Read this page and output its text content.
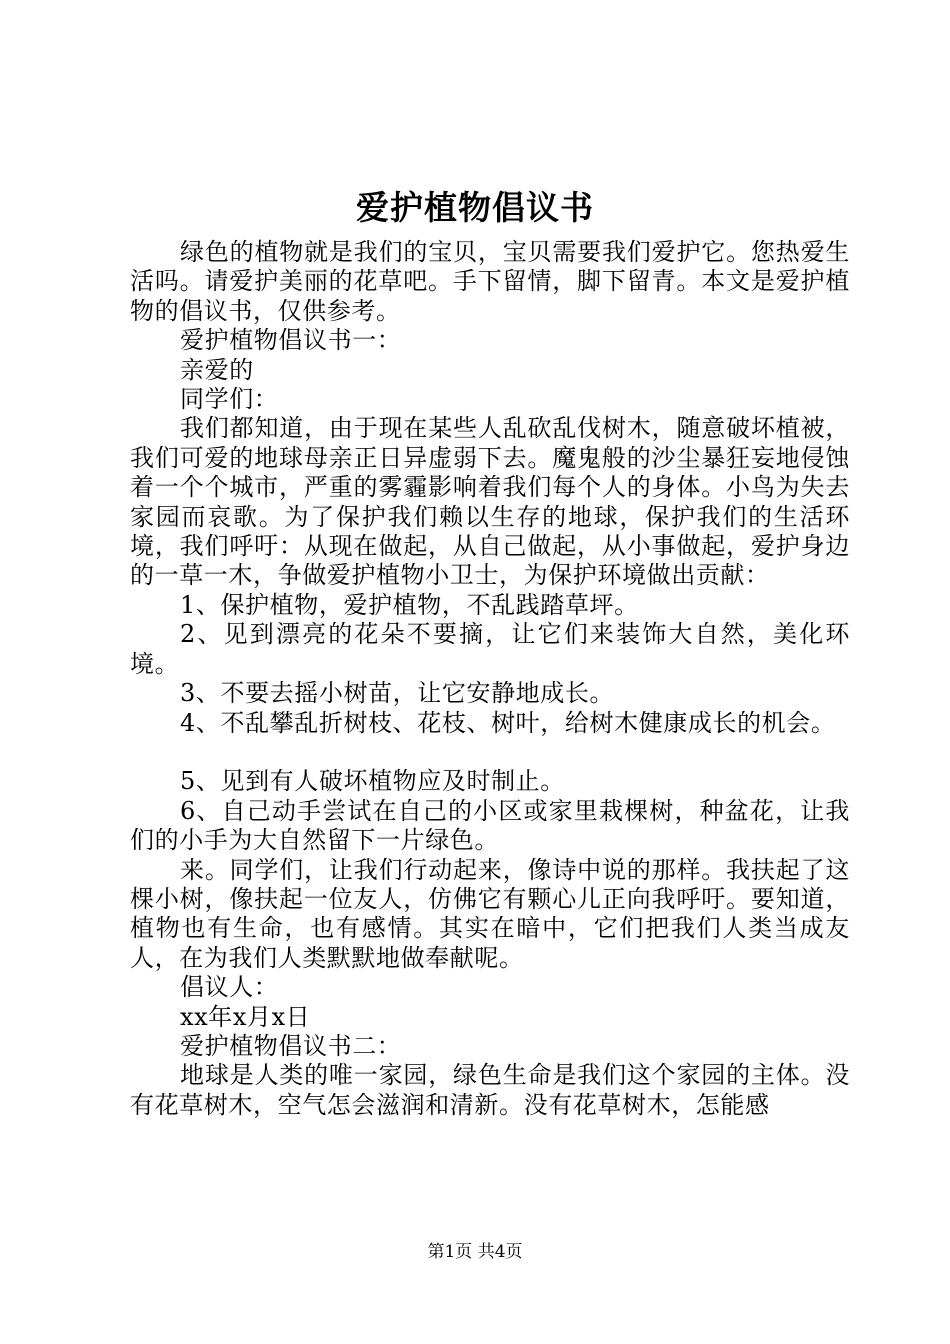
爱护植物倡议书

绿色的植物就是我们的宝贝，宝贝需要我们爱护它。您热爱生活吗。请爱护美丽的花草吧。手下留情，脚下留青。本文是爱护植物的倡议书，仅供参考。

爱护植物倡议书一：

亲爱的

同学们：

我们都知道，由于现在某些人乱砍乱伐树木，随意破坏植被，我们可爱的地球母亲正日异虚弱下去。魔鬼般的沙尘暴狂妄地侵蚀着一个个城市，严重的雾霾影响着我们每个人的身体。小鸟为失去家园而哀歌。为了保护我们赖以生存的地球，保护我们的生活环境，我们呼吁：从现在做起，从自己做起，从小事做起，爱护身边的一草一木，争做爱护植物小卫士，为保护环境做出贡献：

1、保护植物，爱护植物，不乱践踏草坪。

2、见到漂亮的花朵不要摘，让它们来装饰大自然，美化环境。

3、不要去摇小树苗，让它安静地成长。

4、不乱攀乱折树枝、花枝、树叶，给树木健康成长的机会。

5、见到有人破坏植物应及时制止。

6、自己动手尝试在自己的小区或家里栽棵树，种盆花，让我们的小手为大自然留下一片绿色。

来。同学们，让我们行动起来，像诗中说的那样。我扶起了这棵小树，像扶起一位友人，仿佛它有颗心儿正向我呼吁。要知道，植物也有生命，也有感情。其实在暗中，它们把我们人类当成友人，在为我们人类默默地做奉献呢。

倡议人：

xx年x月x日

爱护植物倡议书二：

地球是人类的唯一家园，绿色生命是我们这个家园的主体。没有花草树木，空气怎会滋润和清新。没有花草树木，怎能感

第1页 共4页
